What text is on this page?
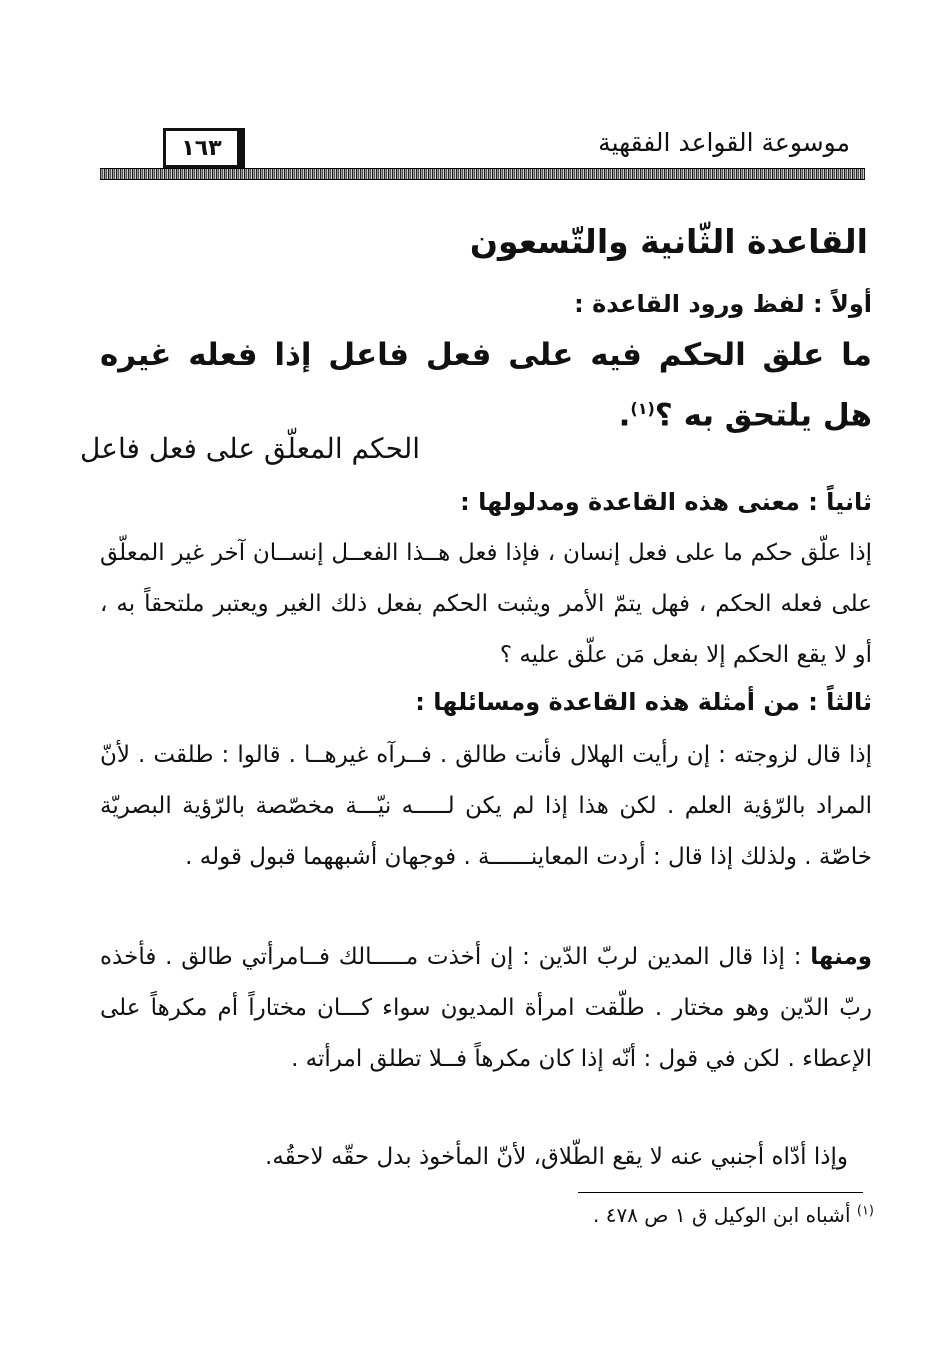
موسوعة القواعد الفقهية
١٦٣
القاعدة الثّانية والتّسعون
أولاً : لفظ ورود القاعدة :
ما علق الحكم فيه على فعل فاعل إذا فعله غيره هل يلتحق به ؟$^{(١)}$.
الحكم المعلّق على فعل فاعل
ثانياً : معنى هذه القاعدة ومدلولها :
إذا علّق حكم ما على فعل إنسان ، فإذا فعل هــذا الفعــل إنســان آخر غير المعلّق على فعله الحكم ، فهل يتمّ الأمر ويثبت الحكم بفعل ذلك الغير ويعتبر ملتحقاً به ، أو لا يقع الحكم إلا بفعل مَن علّق عليه ؟
ثالثاً : من أمثلة هذه القاعدة ومسائلها :
إذا قال لزوجته : إن رأيت الهلال فأنت طالق . فــرآه غيرهــا . قالوا : طلقت . لأنّ المراد بالرّؤية العلم . لكن هذا إذا لم يكن لـــــه نيّـــة مخصّصة بالرّؤية البصريّة خاصّة . ولذلك إذا قال : أردت المعاينــــــة . فوجهان أشبههما قبول قوله .
ومنها : إذا قال المدين لربّ الدّين : إن أخذت مـــــالك فــامرأتي طالق . فأخذه ربّ الدّين وهو مختار . طلّقت امرأة المديون سواء كـــان مختاراً أم مكرهاً على الإعطاء . لكن في قول : أنّه إذا كان مكرهاً فــلا تطلق امرأته .
وإذا أدّاه أجنبي عنه لا يقع الطّلاق، لأنّ المأخوذ بدل حقّه لاحقُه.
$^{(١)}$ أشباه ابن الوكيل ق ١ ص ٤٧٨ .
